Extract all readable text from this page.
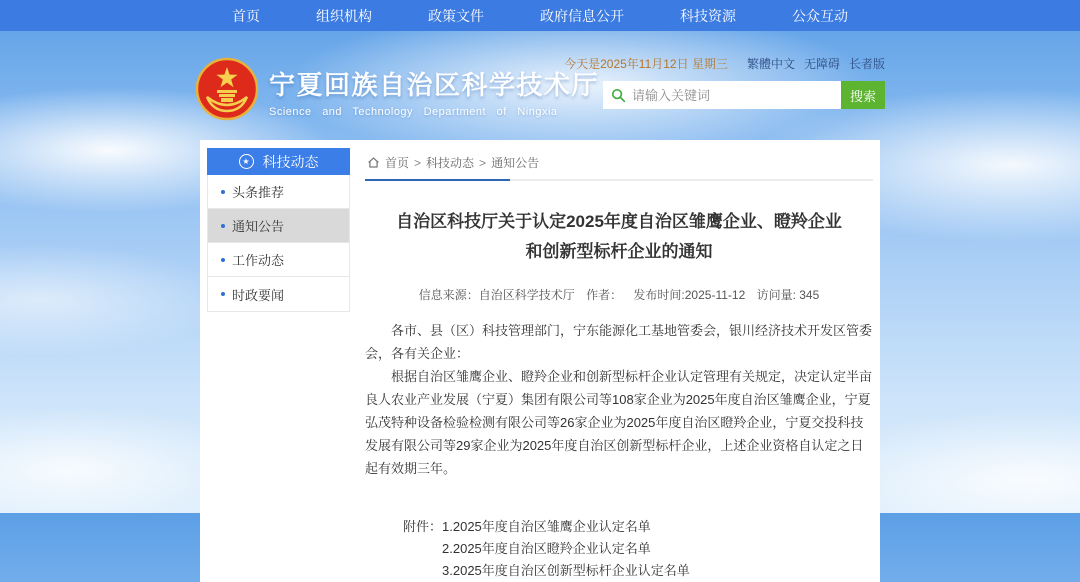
首页	组织机构	政策文件	政府信息公开	科技资源	公众互动
宁夏回族自治区科学技术厅
Science and Technology Department of Ningxia
今天是2025年11月12日 星期三 繁體中文 无障碍 长者版
请输入关键词
搜索
★ 科技动态
头条推荐
通知公告
工作动态
时政要闻
首页 > 科技动态 > 通知公告
自治区科技厅关于认定2025年度自治区雏鹰企业、瞪羚企业和创新型标杆企业的通知
信息来源：自治区科学技术厅 作者： 发布时间:2025-11-12 访问量: 345

各市、县（区）科技管理部门，宁东能源化工基地管委会，银川经济技术开发区管委会，各有关企业：

根据自治区雏鹰企业、瞪羚企业和创新型标杆企业认定管理有关规定，决定认定半亩良人农业产业发展（宁夏）集团有限公司等108家企业为2025年度自治区雏鹰企业，宁夏弘茂特种设备检验检测有限公司等26家企业为2025年度自治区瞪羚企业，宁夏交投科技发展有限公司等29家企业为2025年度自治区创新型标杆企业，上述企业资格自认定之日起有效期三年。

附件： 1.2025年度自治区雏鹰企业认定名单
2.2025年度自治区瞪羚企业认定名单
3.2025年度自治区创新型标杆企业认定名单
